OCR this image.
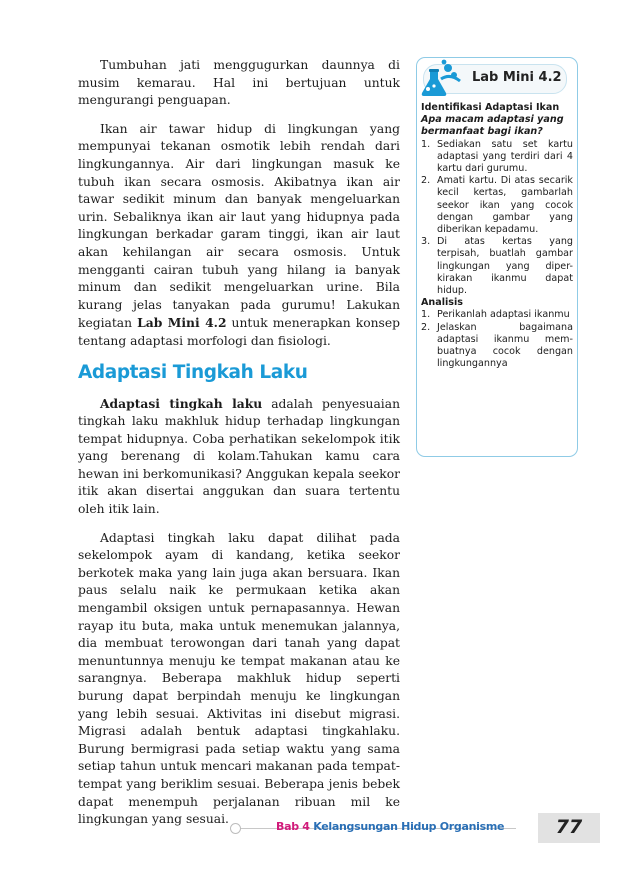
Tumbuhan jati menggugurkan daunnya di musim kemarau. Hal ini bertujuan untuk mengurangi penguapan.

Ikan air tawar hidup di lingkungan yang mempunyai tekanan osmotik lebih rendah dari lingkungannya. Air dari lingkungan masuk ke tubuh ikan secara osmosis. Akibatnya ikan air tawar sedikit minum dan banyak mengeluarkan urin. Sebaliknya ikan air laut yang hidupnya pada lingkungan berkadar garam tinggi, ikan air laut akan kehilangan air secara osmosis. Untuk mengganti cairan tubuh yang hilang ia banyak minum dan sedikit mengeluarkan urine. Bila kurang jelas tanyakan pada gurumu! Lakukan kegiatan Lab Mini 4.2 untuk menerapkan konsep tentang adaptasi morfologi dan fisiologi.

Adaptasi Tingkah Laku

Adaptasi tingkah laku adalah penyesuaian tingkah laku makhluk hidup terhadap lingkungan tempat hidupnya. Coba perhatikan sekelompok itik yang berenang di kolam.Tahukan kamu cara hewan ini berkomunikasi? Anggukan kepala seekor itik akan disertai anggukan dan suara tertentu oleh itik lain.

Adaptasi tingkah laku dapat dilihat pada sekelompok ayam di kandang, ketika seekor berkotek maka yang lain juga akan bersuara. Ikan paus selalu naik ke permukaan ketika akan mengambil oksigen untuk pernapasannya. Hewan rayap itu buta, maka untuk menemukan jalannya, dia membuat terowongan dari tanah yang dapat menuntunnya menuju ke tempat makanan atau ke sarangnya. Beberapa makhluk hidup seperti burung dapat berpindah menuju ke lingkungan yang lebih sesuai. Aktivitas ini disebut migrasi. Migrasi adalah bentuk adaptasi tingkahlaku. Burung bermigrasi pada setiap waktu yang sama setiap tahun untuk mencari makanan pada tempat-tempat yang beriklim sesuai. Beberapa jenis bebek dapat menempuh perjalanan ribuan mil ke lingkungan yang sesuai.

Lab Mini 4.2
Identifikasi Adaptasi Ikan
Apa macam adaptasi yang bermanfaat bagi ikan?
1. Sediakan satu set kartu adaptasi yang terdiri dari 4 kartu dari gurumu.
2. Amati kartu. Di atas secarik kecil kertas, gambarlah seekor ikan yang cocok dengan gambar yang diberikan kepadamu.
3. Di atas kertas yang terpisah, buatlah gambar lingkungan yang diper-kirakan ikanmu dapat hidup.
Analisis
1. Perikanlah adaptasi ikanmu
2. Jelaskan bagaimana adaptasi ikanmu mem-buatnya cocok dengan lingkungannya
Bab 4 Kelangsungan Hidup Organisme	77
